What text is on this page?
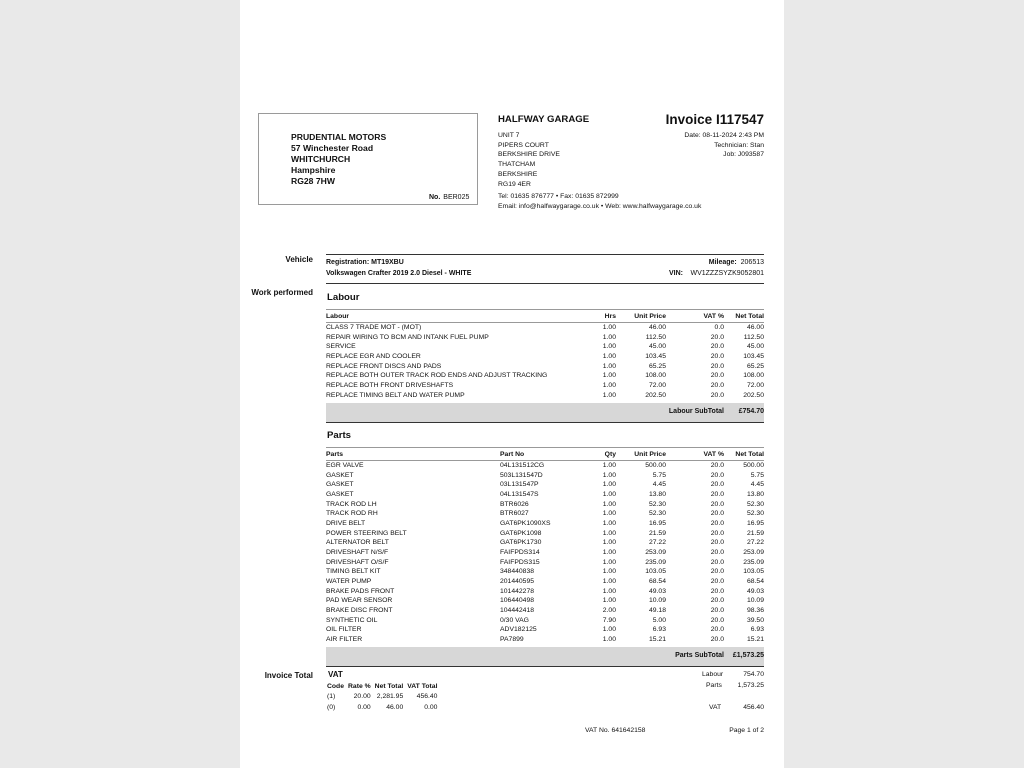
PRUDENTIAL MOTORS
57 Winchester Road
WHITCHURCH
Hampshire
RG28 7HW
No. BER025
HALFWAY GARAGE
UNIT 7
PIPERS COURT
BERKSHIRE DRIVE
THATCHAM
BERKSHIRE
RG19 4ER
Tel: 01635 876777 • Fax: 01635 872999
Email: info@halfwaygarage.co.uk • Web: www.halfwaygarage.co.uk
Invoice I117547
Date: 08-11-2024 2:43 PM
Technician: Stan
Job: J093587
Vehicle Registration: MT19XBU
Volkswagen Crafter 2019 2.0 Diesel - WHITE
Mileage: 206513
VIN: WV1ZZZSYZK9052801
Work performed Labour
Labour	Hrs	Unit Price	VAT %	Net Total
CLASS 7 TRADE MOT - (MOT)	1.00	46.00	0.0	46.00
REPAIR WIRING TO BCM AND INTANK FUEL PUMP	1.00	112.50	20.0	112.50
SERVICE	1.00	45.00	20.0	45.00
REPLACE EGR AND COOLER	1.00	103.45	20.0	103.45
REPLACE FRONT DISCS AND PADS	1.00	65.25	20.0	65.25
REPLACE BOTH OUTER TRACK ROD ENDS AND ADJUST TRACKING	1.00	108.00	20.0	108.00
REPLACE BOTH FRONT DRIVESHAFTS	1.00	72.00	20.0	72.00
REPLACE TIMING BELT AND WATER PUMP	1.00	202.50	20.0	202.50
Labour SubTotal £754.70
Parts
Parts	Part No	Qty	Unit Price	VAT %	Net Total
EGR VALVE	04L131512CG	1.00	500.00	20.0	500.00
GASKET	503L131547D	1.00	5.75	20.0	5.75
GASKET	03L131547P	1.00	4.45	20.0	4.45
GASKET	04L131547S	1.00	13.80	20.0	13.80
TRACK ROD LH	BTR6026	1.00	52.30	20.0	52.30
TRACK ROD RH	BTR6027	1.00	52.30	20.0	52.30
DRIVE BELT	GAT6PK1090XS	1.00	16.95	20.0	16.95
POWER STEERING BELT	GAT6PK1098	1.00	21.59	20.0	21.59
ALTERNATOR BELT	GAT6PK1730	1.00	27.22	20.0	27.22
DRIVESHAFT N/S/F	FAIFPDS314	1.00	253.09	20.0	253.09
DRIVESHAFT O/S/F	FAIFPDS315	1.00	235.09	20.0	235.09
TIMING BELT KIT	348440838	1.00	103.05	20.0	103.05
WATER PUMP	201440595	1.00	68.54	20.0	68.54
BRAKE PADS FRONT	101442278	1.00	49.03	20.0	49.03
PAD WEAR SENSOR	106440498	1.00	10.09	20.0	10.09
BRAKE DISC FRONT	104442418	2.00	49.18	20.0	98.36
SYNTHETIC OIL	0/30 VAG	7.90	5.00	20.0	39.50
OIL FILTER	ADV182125	1.00	6.93	20.0	6.93
AIR FILTER	PA7899	1.00	15.21	20.0	15.21
Parts SubTotal £1,573.25
Invoice Total VAT
Code	Rate %	Net Total	VAT Total
(1)	20.00	2,281.95	456.40
(0)	0.00	46.00	0.00
Labour	754.70
Parts 1,573.25
VAT	456.40
VAT No. 641642158	Page 1 of 2
